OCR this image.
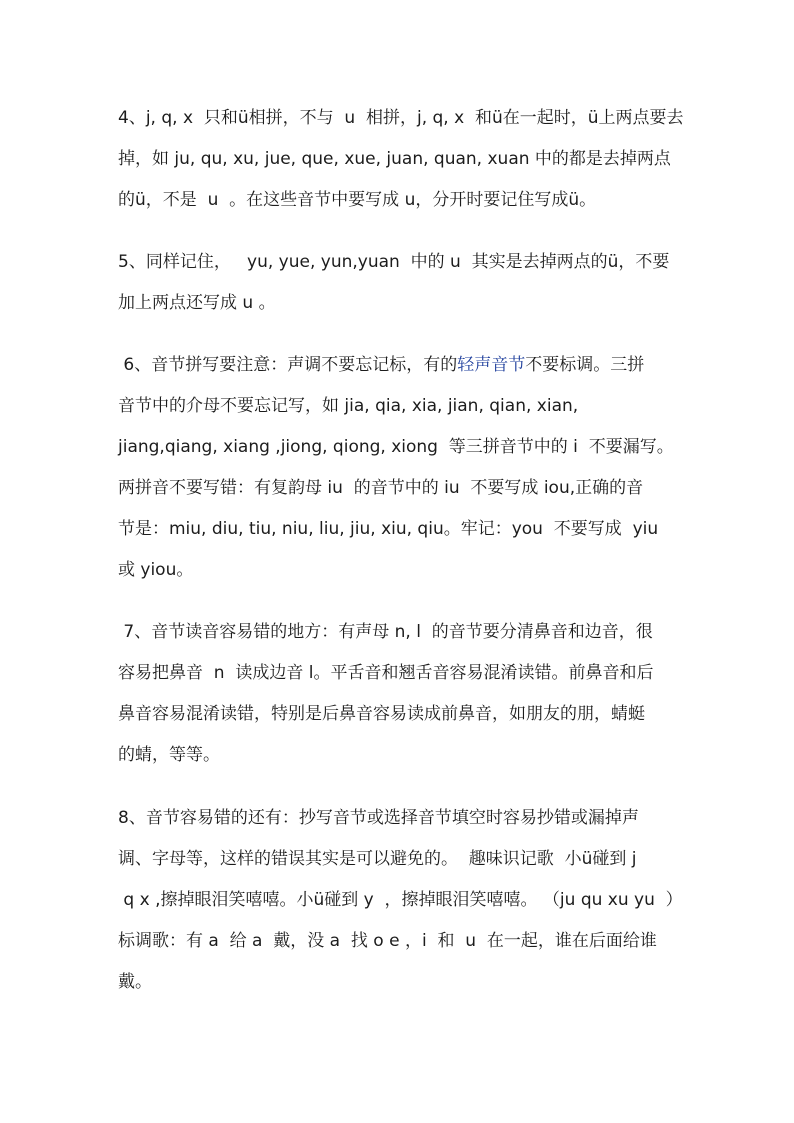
4、j, q, x  只和ü相拼，不与  u  相拼，j, q, x  和ü在一起时，ü上两点要去
掉，如 ju, qu, xu, jue, que, xue, juan, quan, xuan 中的都是去掉两点
的ü，不是  u  。在这些音节中要写成 u，分开时要记住写成ü。
5、同样记住，   yu, yue, yun,yuan  中的 u  其实是去掉两点的ü，不要
加上两点还写成 u 。
6、音节拼写要注意：声调不要忘记标，有的轻声音节不要标调。三拼
音节中的介母不要忘记写，如 jia, qia, xia, jian, qian, xian,
jiang,qiang, xiang ,jiong, qiong, xiong  等三拼音节中的 i  不要漏写。
两拼音不要写错：有复韵母 iu  的音节中的 iu  不要写成 iou,正确的音
节是：miu, diu, tiu, niu, liu, jiu, xiu, qiu。牢记：you  不要写成  yiu
或 yiou。
7、音节读音容易错的地方：有声母 n, l  的音节要分清鼻音和边音，很
容易把鼻音  n  读成边音 l。平舌音和翘舌音容易混淆读错。前鼻音和后
鼻音容易混淆读错，特别是后鼻音容易读成前鼻音，如朋友的朋，蜻蜓
的蜻，等等。
8、音节容易错的还有：抄写音节或选择音节填空时容易抄错或漏掉声
调、字母等，这样的错误其实是可以避免的。  趣味识记歌  小ü碰到 j
q x ,擦掉眼泪笑嘻嘻。小ü碰到 y  ，擦掉眼泪笑嘻嘻。 （ju qu xu yu  ）
标调歌：有 a  给 a  戴，没 a  找 o e ，i  和  u  在一起，谁在后面给谁
戴。
